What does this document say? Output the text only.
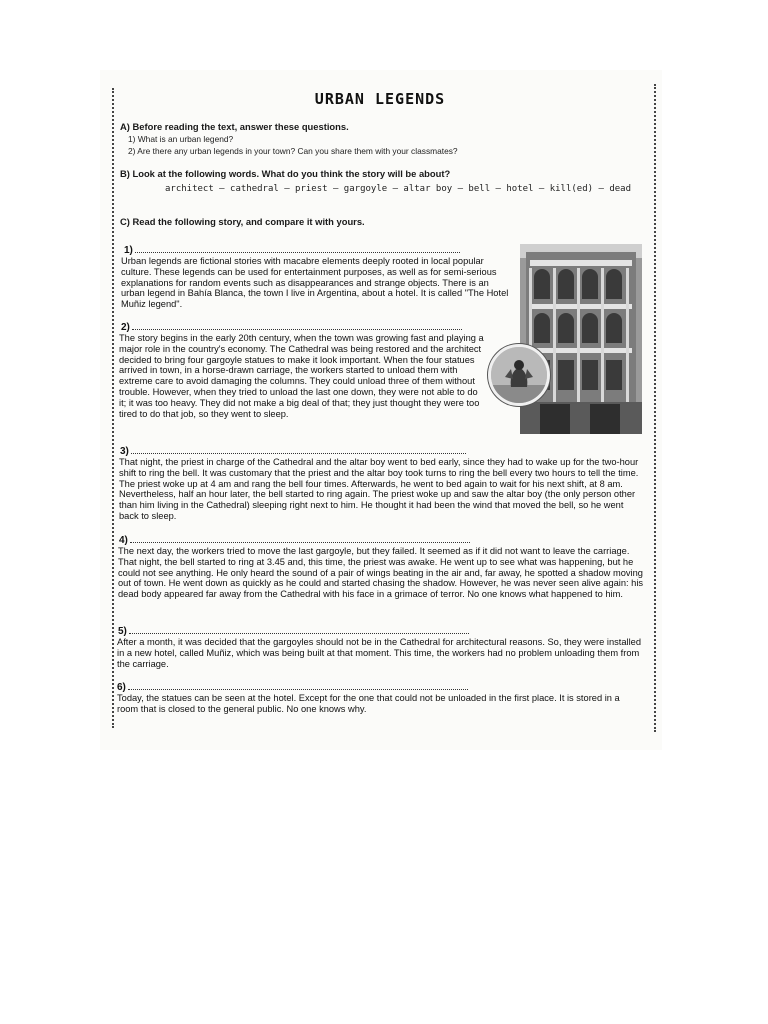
URBAN LEGENDS
A) Before reading the text, answer these questions.
1) What is an urban legend?
2) Are there any urban legends in your town? Can you share them with your classmates?
B) Look at the following words. What do you think the story will be about?
architect – cathedral – priest – gargoyle – altar boy – bell – hotel – kill(ed) – dead
C) Read the following story, and compare it with yours.
1)
Urban legends are fictional stories with macabre elements deeply rooted in local popular culture. These legends can be used for entertainment purposes, as well as for semi-serious explanations for random events such as disappearances and strange objects. There is an urban legend in Bahía Blanca, the town I live in Argentina, about a hotel. It is called "The Hotel Muñiz legend".
2)
The story begins in the early 20th century, when the town was growing fast and playing a major role in the country's economy. The Cathedral was being restored and the architect decided to bring four gargoyle statues to make it look important. When the four statues arrived in town, in a horse-drawn carriage, the workers started to unload them with extreme care to avoid damaging the columns. They could unload three of them without trouble. However, when they tried to unload the last one down, they were not able to do it; it was too heavy. They did not make a big deal of that; they just thought they were too tired to do that job, so they went to sleep.
3)
That night, the priest in charge of the Cathedral and the altar boy went to bed early, since they had to wake up for the two-hour shift to ring the bell. It was customary that the priest and the altar boy took turns to ring the bell every two hours to tell the time. The priest woke up at 4 am and rang the bell four times. Afterwards, he went to bed again to wait for his next shift, at 8 am. Nevertheless, half an hour later, the bell started to ring again. The priest woke up and saw the altar boy (the only person other than him living in the Cathedral) sleeping right next to him. He thought it had been the wind that moved the bell, so he went back to sleep.
4)
The next day, the workers tried to move the last gargoyle, but they failed. It seemed as if it did not want to leave the carriage. That night, the bell started to ring at 3.45 and, this time, the priest was awake. He went up to see what was happening, but he could not see anything. He only heard the sound of a pair of wings beating in the air and, far away, he spotted a shadow moving out of town. He went down as quickly as he could and started chasing the shadow. However, he was never seen alive again: his dead body appeared far away from the Cathedral with his face in a grimace of terror. No one knows what happened to him.
5)
After a month, it was decided that the gargoyles should not be in the Cathedral for architectural reasons. So, they were installed in a new hotel, called Muñiz, which was being built at that moment. This time, the workers had no problem unloading them from the carriage.
6)
Today, the statues can be seen at the hotel. Except for the one that could not be unloaded in the first place. It is stored in a room that is closed to the general public. No one knows why.
